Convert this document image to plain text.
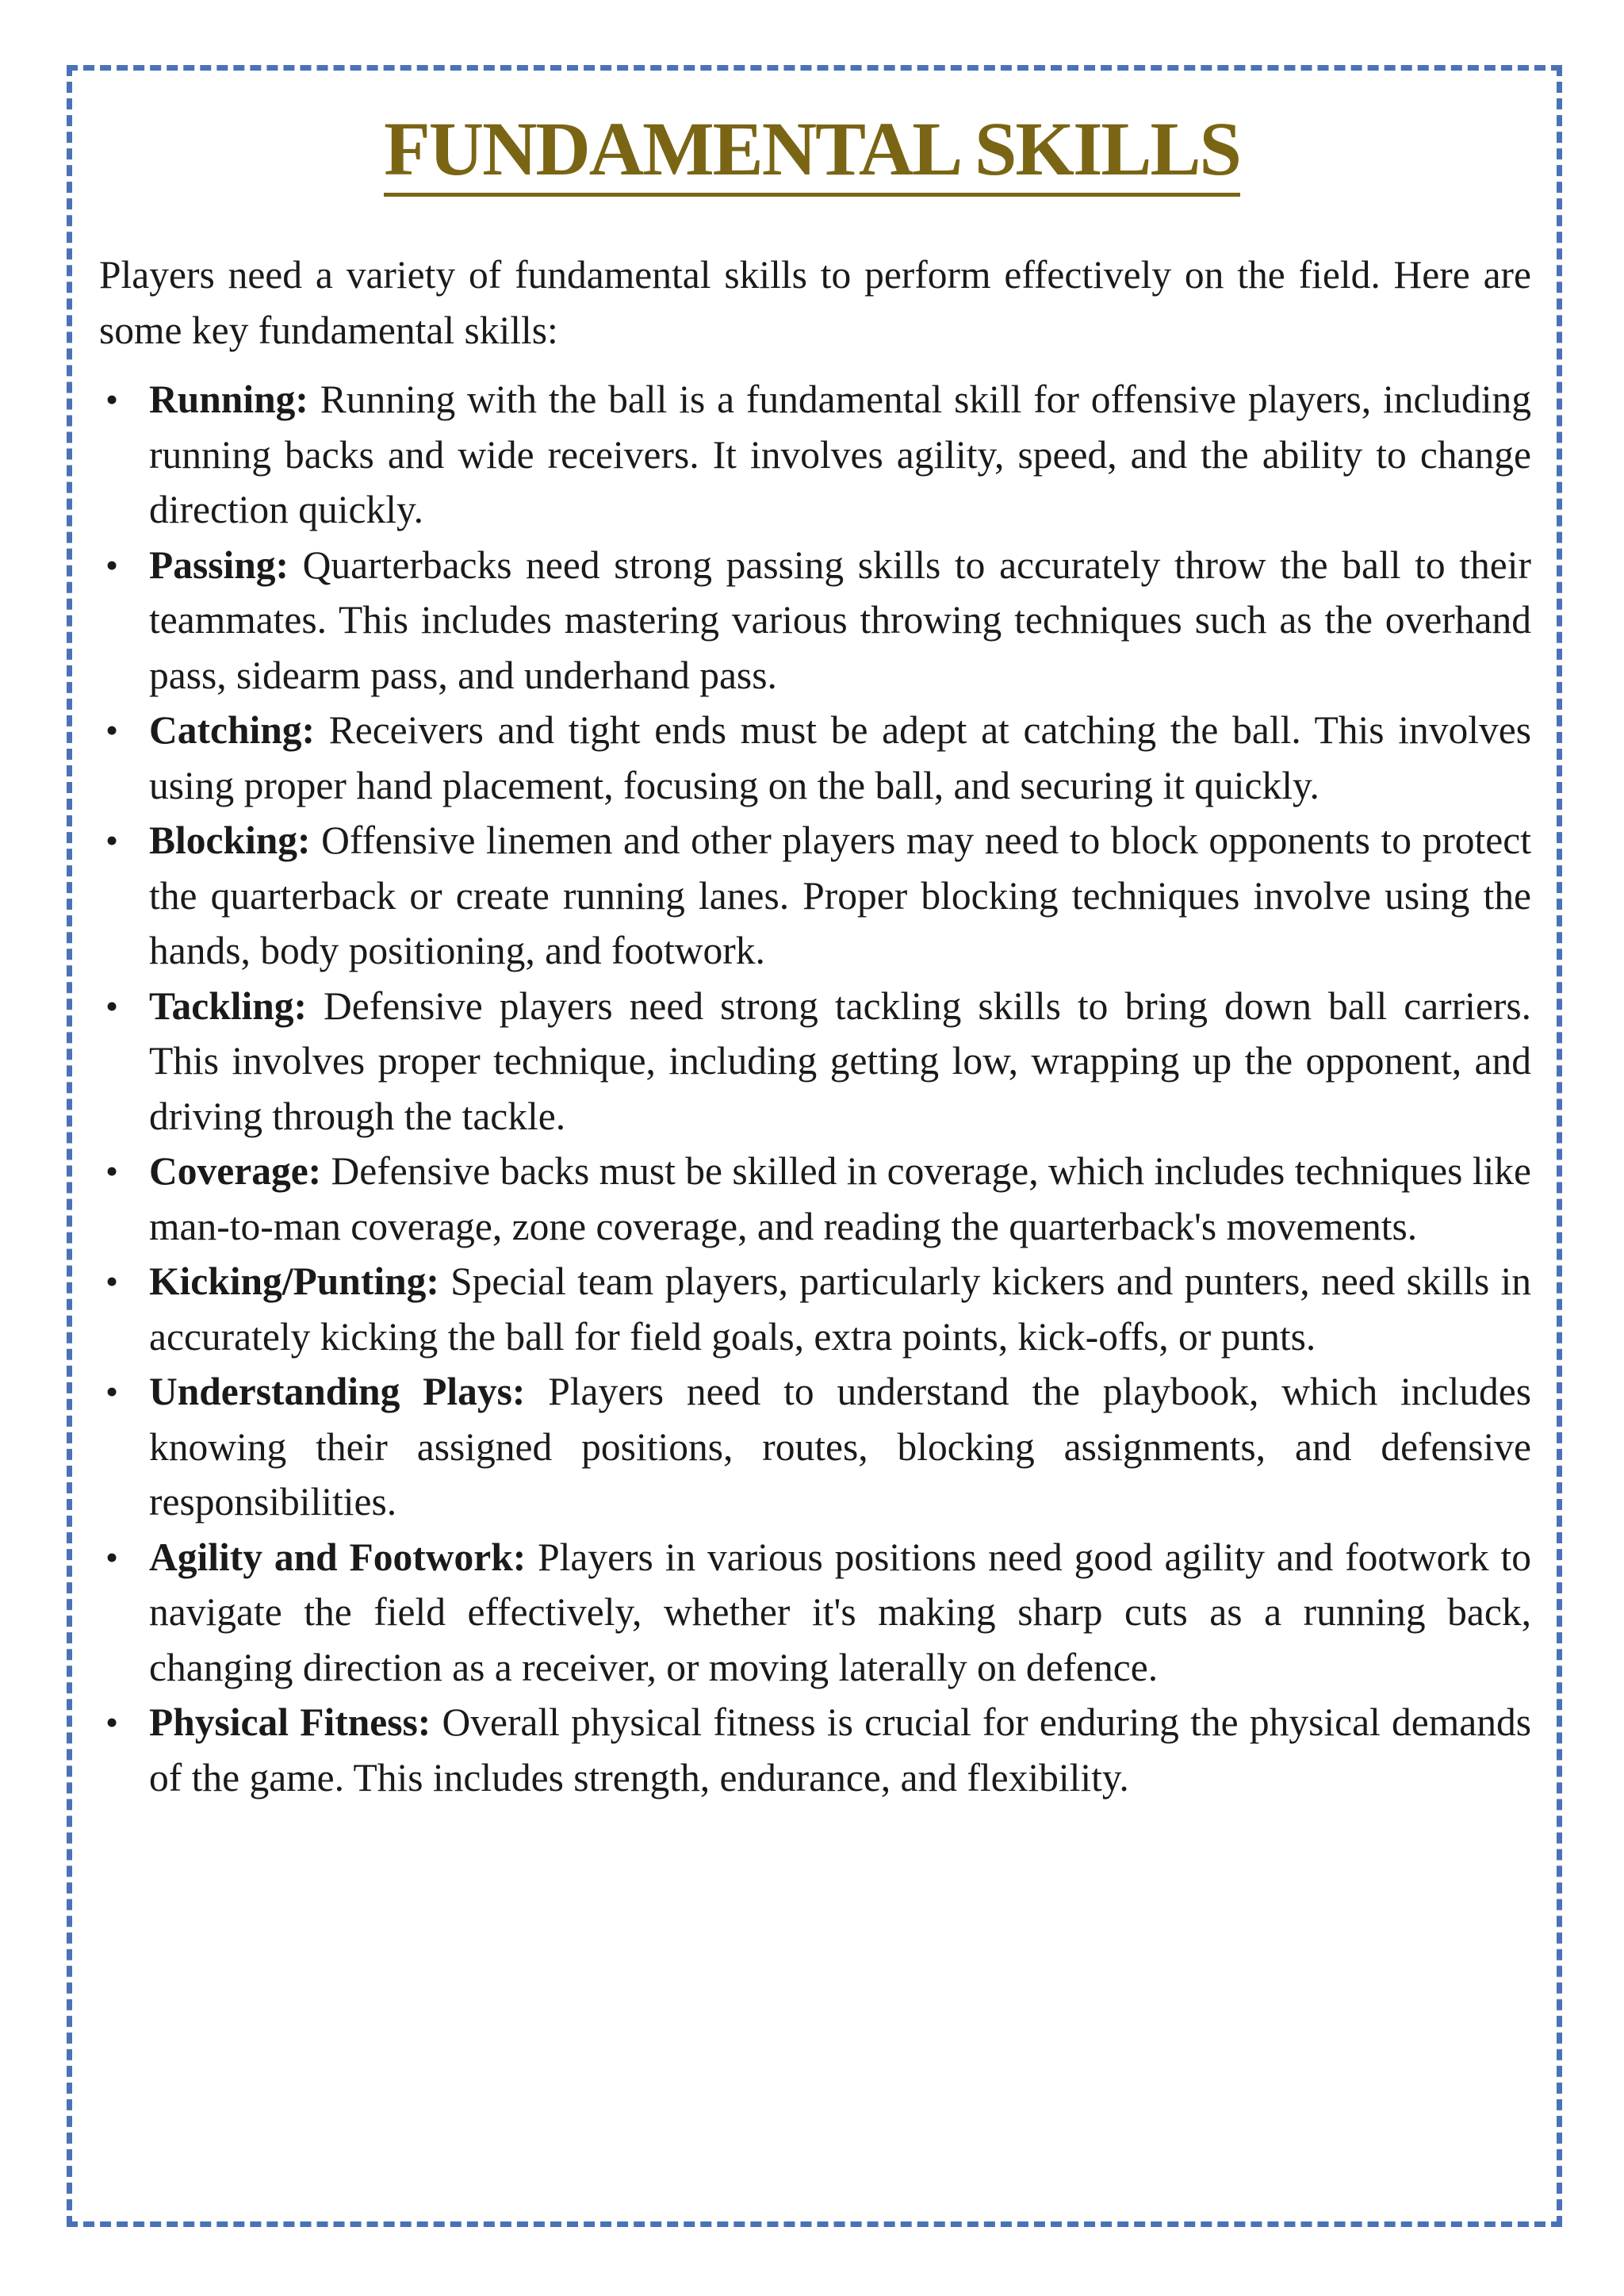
FUNDAMENTAL SKILLS

Players need a variety of fundamental skills to perform effectively on the field. Here are some key fundamental skills:

• Running: Running with the ball is a fundamental skill for offensive players, including running backs and wide receivers. It involves agility, speed, and the ability to change direction quickly.
• Passing: Quarterbacks need strong passing skills to accurately throw the ball to their teammates. This includes mastering various throwing techniques such as the overhand pass, sidearm pass, and underhand pass.
• Catching: Receivers and tight ends must be adept at catching the ball. This involves using proper hand placement, focusing on the ball, and securing it quickly.
• Blocking: Offensive linemen and other players may need to block opponents to protect the quarterback or create running lanes. Proper blocking techniques involve using the hands, body positioning, and footwork.
• Tackling: Defensive players need strong tackling skills to bring down ball carriers. This involves proper technique, including getting low, wrapping up the opponent, and driving through the tackle.
• Coverage: Defensive backs must be skilled in coverage, which includes techniques like man-to-man coverage, zone coverage, and reading the quarterback's movements.
• Kicking/Punting: Special team players, particularly kickers and punters, need skills in accurately kicking the ball for field goals, extra points, kick-offs, or punts.
• Understanding Plays: Players need to understand the playbook, which includes knowing their assigned positions, routes, blocking assignments, and defensive responsibilities.
• Agility and Footwork: Players in various positions need good agility and footwork to navigate the field effectively, whether it's making sharp cuts as a running back, changing direction as a receiver, or moving laterally on defence.
• Physical Fitness: Overall physical fitness is crucial for enduring the physical demands of the game. This includes strength, endurance, and flexibility.
